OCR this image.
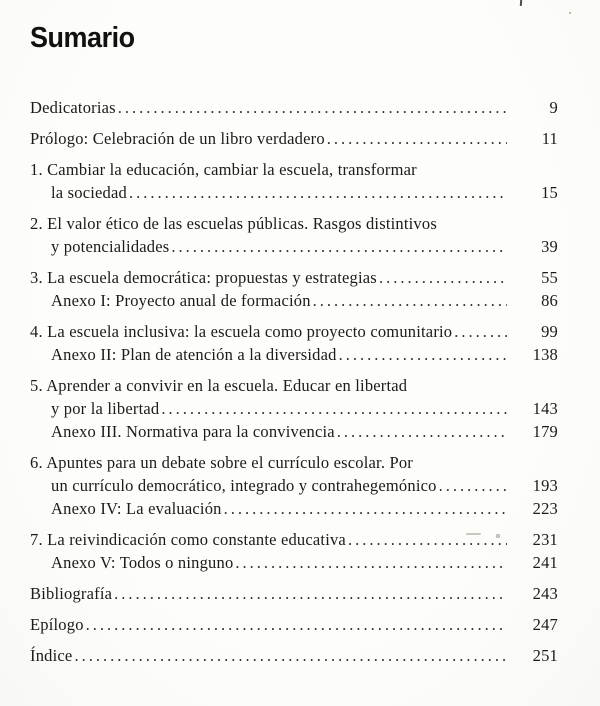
Sumario
Dedicatorias	9
.....
Prólogo: Celebración de un libro verdadero	11
.....
1. Cambiar la educación, cambiar la escuela, transformar
la sociedad	15
.....
2. El valor ético de las escuelas públicas. Rasgos distintivos
y potencialidades	39
.....
3. La escuela democrática: propuestas y estrategias	55
.....
Anexo I: Proyecto anual de formación	86
.....
4. La escuela inclusiva: la escuela como proyecto comunitario	99
.....
Anexo II: Plan de atención a la diversidad	138
.....
5. Aprender a convivir en la escuela. Educar en libertad
y por la libertad	143
.....
Anexo III. Normativa para la convivencia	179
.....
6. Apuntes para un debate sobre el currículo escolar. Por
un currículo democrático, integrado y contrahegemónico	193
.....
Anexo IV: La evaluación	223
.....
7. La reivindicación como constante educativa	231
.....
Anexo V: Todos o ninguno	241
.....
Bibliografía	243
.....
Epílogo	247
.....
Índice	251
.....
